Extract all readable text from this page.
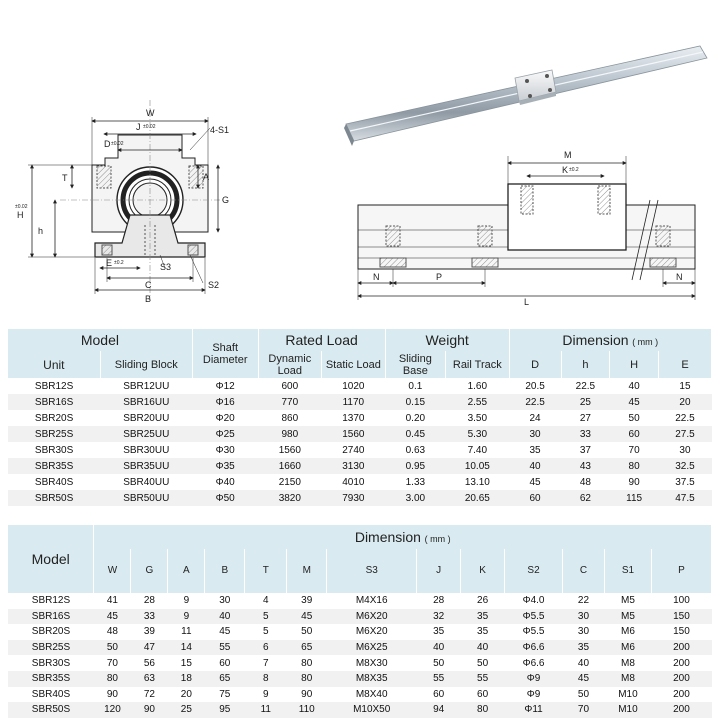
W
J ±0.02
D ±0.02
4-S1
T	A
G
H
±0.02
h
E ±0.2	S3
C	S2
B
M
K ±0.2
N	P	N
L
Model		Shaft Diameter	Rated Load		Weight		Dimension ( mm )			
Unit	Sliding Block		Dynamic Load	Static Load	Sliding Base	Rail Track	D	h	H	E
SBR12S	SBR12UU	Φ12	600	1020	0.1	1.60	20.5	22.5	40	15
SBR16S	SBR16UU	Φ16	770	1170	0.15	2.55	22.5	25	45	20
SBR20S	SBR20UU	Φ20	860	1370	0.20	3.50	24	27	50	22.5
SBR25S	SBR25UU	Φ25	980	1560	0.45	5.30	30	33	60	27.5
SBR30S	SBR30UU	Φ30	1560	2740	0.63	7.40	35	37	70	30
SBR35S	SBR35UU	Φ35	1660	3130	0.95	10.05	40	43	80	32.5
SBR40S	SBR40UU	Φ40	2150	4010	1.33	13.10	45	48	90	37.5
SBR50S	SBR50UU	Φ50	3820	7930	3.00	20.65	60	62	115	47.5
Model	Dimension ( mm )												
	W	G	A	B	T	M	S3	J	K	S2	C	S1	P
SBR12S	41	28	9	30	4	39	M4X16	28	26	Φ4.0	22	M5	100
SBR16S	45	33	9	40	5	45	M6X20	32	35	Φ5.5	30	M5	150
SBR20S	48	39	11	45	5	50	M6X20	35	35	Φ5.5	30	M6	150
SBR25S	50	47	14	55	6	65	M6X25	40	40	Φ6.6	35	M6	200
SBR30S	70	56	15	60	7	80	M8X30	50	50	Φ6.6	40	M8	200
SBR35S	80	63	18	65	8	80	M8X35	55	55	Φ9	45	M8	200
SBR40S	90	72	20	75	9	90	M8X40	60	60	Φ9	50	M10	200
SBR50S	120	90	25	95	11	110	M10X50	94	80	Φ11	70	M10	200
